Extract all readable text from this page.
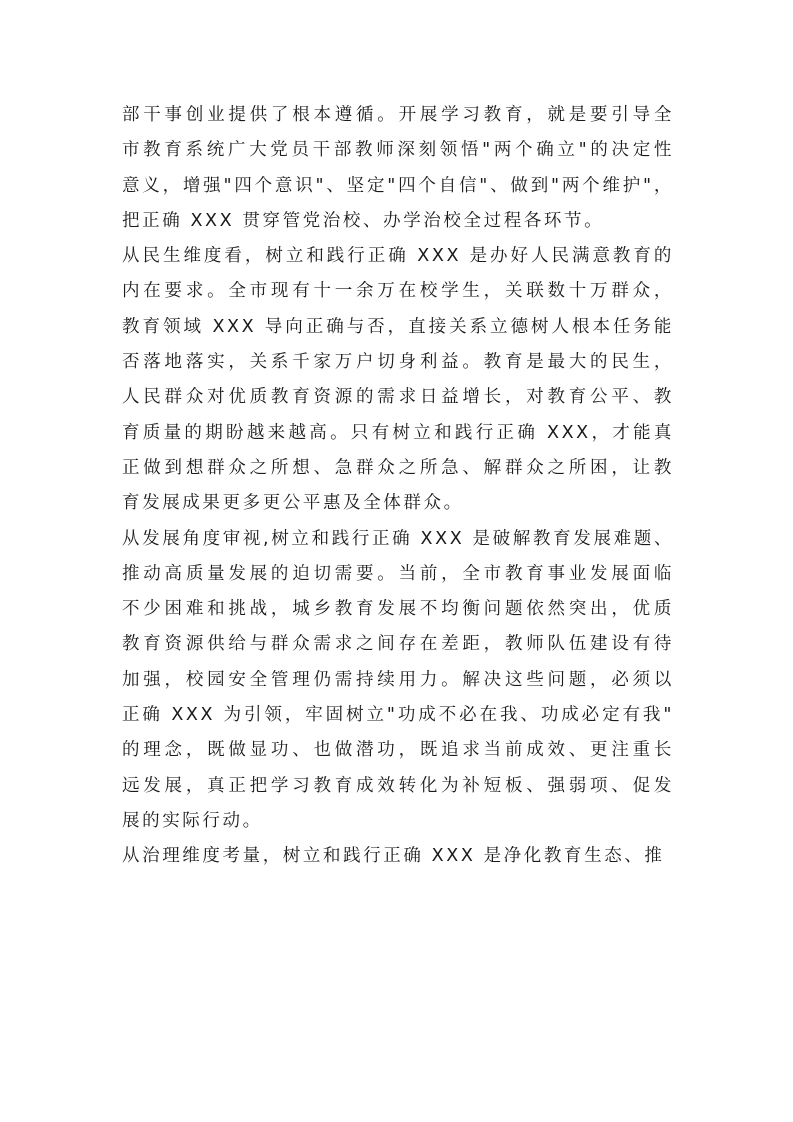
部干事创业提供了根本遵循。开展学习教育，就是要引导全
市教育系统广大党员干部教师深刻领悟"两个确立"的决定性
意义，增强"四个意识"、坚定"四个自信"、做到"两个维护"，
把正确 XXX 贯穿管党治校、办学治校全过程各环节。

从民生维度看，树立和践行正确 XXX 是办好人民满意教育的
内在要求。全市现有十一余万在校学生，关联数十万群众，
教育领域 XXX 导向正确与否，直接关系立德树人根本任务能
否落地落实，关系千家万户切身利益。教育是最大的民生，
人民群众对优质教育资源的需求日益增长，对教育公平、教
育质量的期盼越来越高。只有树立和践行正确 XXX，才能真
正做到想群众之所想、急群众之所急、解群众之所困，让教
育发展成果更多更公平惠及全体群众。

从发展角度审视,树立和践行正确 XXX 是破解教育发展难题、
推动高质量发展的迫切需要。当前，全市教育事业发展面临
不少困难和挑战，城乡教育发展不均衡问题依然突出，优质
教育资源供给与群众需求之间存在差距，教师队伍建设有待
加强，校园安全管理仍需持续用力。解决这些问题，必须以
正确 XXX 为引领，牢固树立"功成不必在我、功成必定有我"
的理念，既做显功、也做潜功，既追求当前成效、更注重长
远发展，真正把学习教育成效转化为补短板、强弱项、促发
展的实际行动。

从治理维度考量，树立和践行正确 XXX 是净化教育生态、推
